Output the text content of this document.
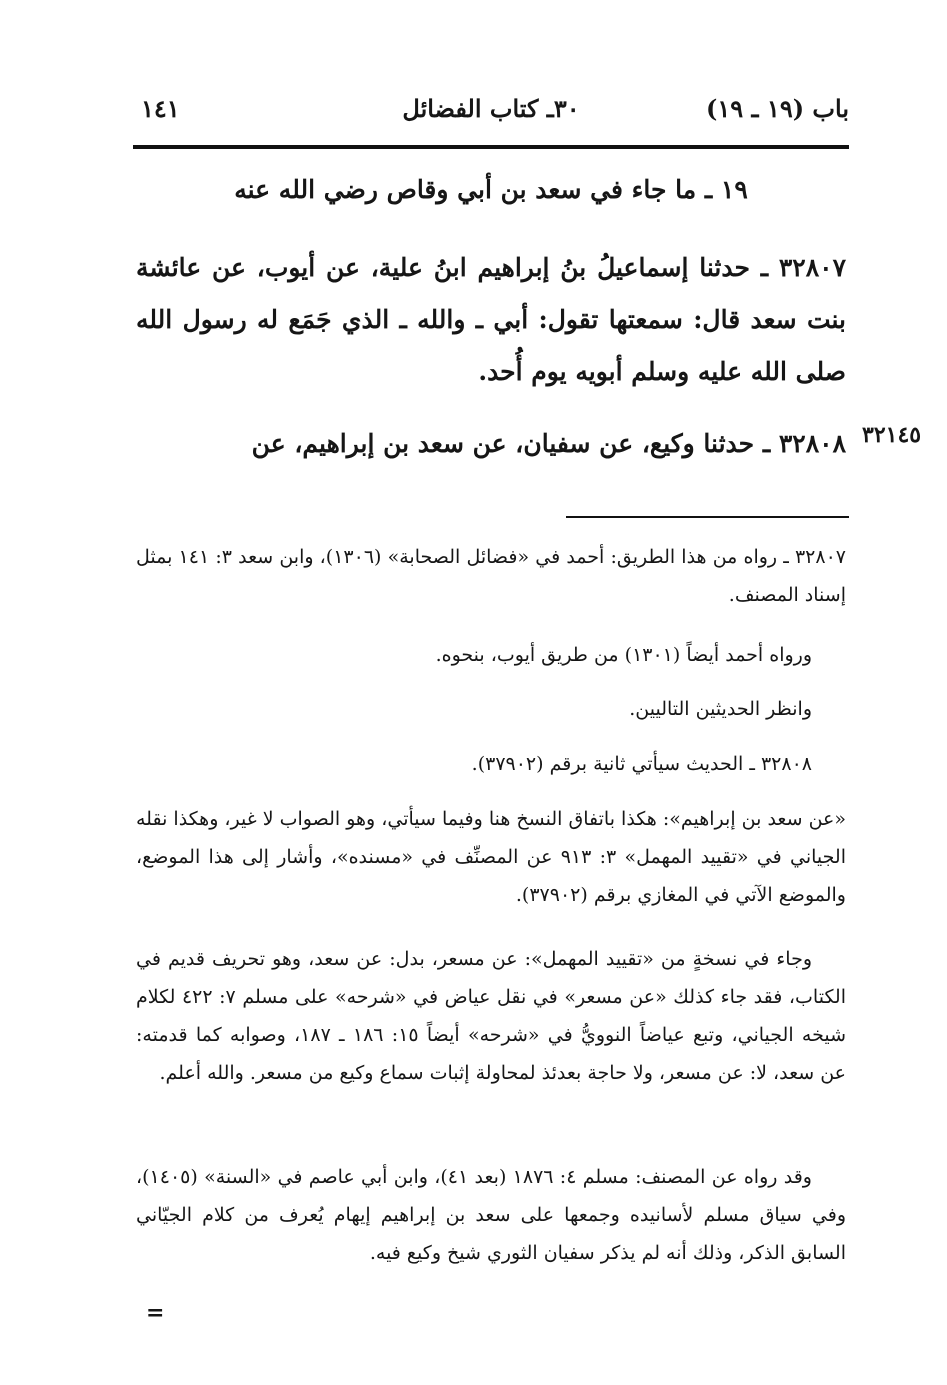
باب (١٩ ـ ١٩)
٣٠ـ كتاب الفضائل
١٤١
١٩ ـ ما جاء في سعد بن أبي وقاص رضي الله عنه
٣٢٨٠٧ ـ حدثنا إسماعيلُ بنُ إبراهيم ابنُ علية، عن أيوب، عن عائشة بنت سعد قال: سمعتها تقول: أبي ـ والله ـ الذي جَمَع له رسول الله صلى الله عليه وسلم أبويه يوم أُحد.
٣٢٨٠٨ ـ حدثنا وكيع، عن سفيان، عن سعد بن إبراهيم، عن ٣٢١٤٥
٣٢٨٠٧ ـ رواه من هذا الطريق: أحمد في «فضائل الصحابة» (١٣٠٦)، وابن سعد ٣: ١٤١ بمثل إسناد المصنف.
ورواه أحمد أيضاً (١٣٠١) من طريق أيوب، بنحوه.
وانظر الحديثين التاليين.
٣٢٨٠٨ ـ الحديث سيأتي ثانية برقم (٣٧٩٠٢).
«عن سعد بن إبراهيم»: هكذا باتفاق النسخ هنا وفيما سيأتي، وهو الصواب لا غير، وهكذا نقله الجياني في «تقييد المهمل» ٣: ٩١٣ عن المصنِّف في «مسنده»، وأشار إلى هذا الموضع، والموضع الآتي في المغازي برقم (٣٧٩٠٢).
وجاء في نسخةٍ من «تقييد المهمل»: عن مسعر، بدل: عن سعد، وهو تحريف قديم في الكتاب، فقد جاء كذلك «عن مسعر» في نقل عياض في «شرحه» على مسلم ٧: ٤٢٢ لكلام شيخه الجياني، وتبع عياضاً النوويُّ في «شرحه» أيضاً ١٥: ١٨٦ ـ ١٨٧، وصوابه كما قدمته: عن سعد، لا: عن مسعر، ولا حاجة بعدئذ لمحاولة إثبات سماع وكيع من مسعر. والله أعلم.
وقد رواه عن المصنف: مسلم ٤: ١٨٧٦ (بعد ٤١)، وابن أبي عاصم في «السنة» (١٤٠٥)، وفي سياق مسلم لأسانيده وجمعها على سعد بن إبراهيم إيهام يُعرف من كلام الجيّاني السابق الذكر، وذلك أنه لم يذكر سفيان الثوري شيخ وكيع فيه.
=
